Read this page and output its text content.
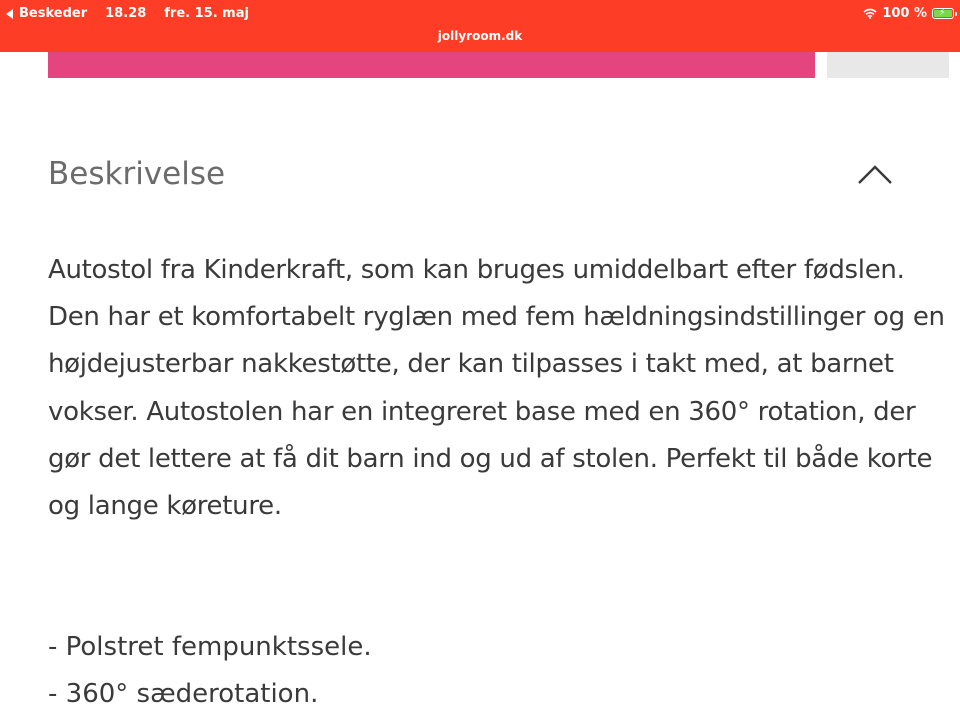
Beskeder 18.28 fre. 15. maj	100 % ⚡
jollyroom.dk
Beskrivelse

Autostol fra Kinderkraft, som kan bruges umiddelbart efter fødslen. Den har et komfortabelt ryglæn med fem hældningsindstillinger og en højdejusterbar nakkestøtte, der kan tilpasses i takt med, at barnet vokser. Autostolen har en integreret base med en 360° rotation, der gør det lettere at få dit barn ind og ud af stolen. Perfekt til både korte og lange køreture.

- Polstret fempunktssele.
- 360° sæderotation.
